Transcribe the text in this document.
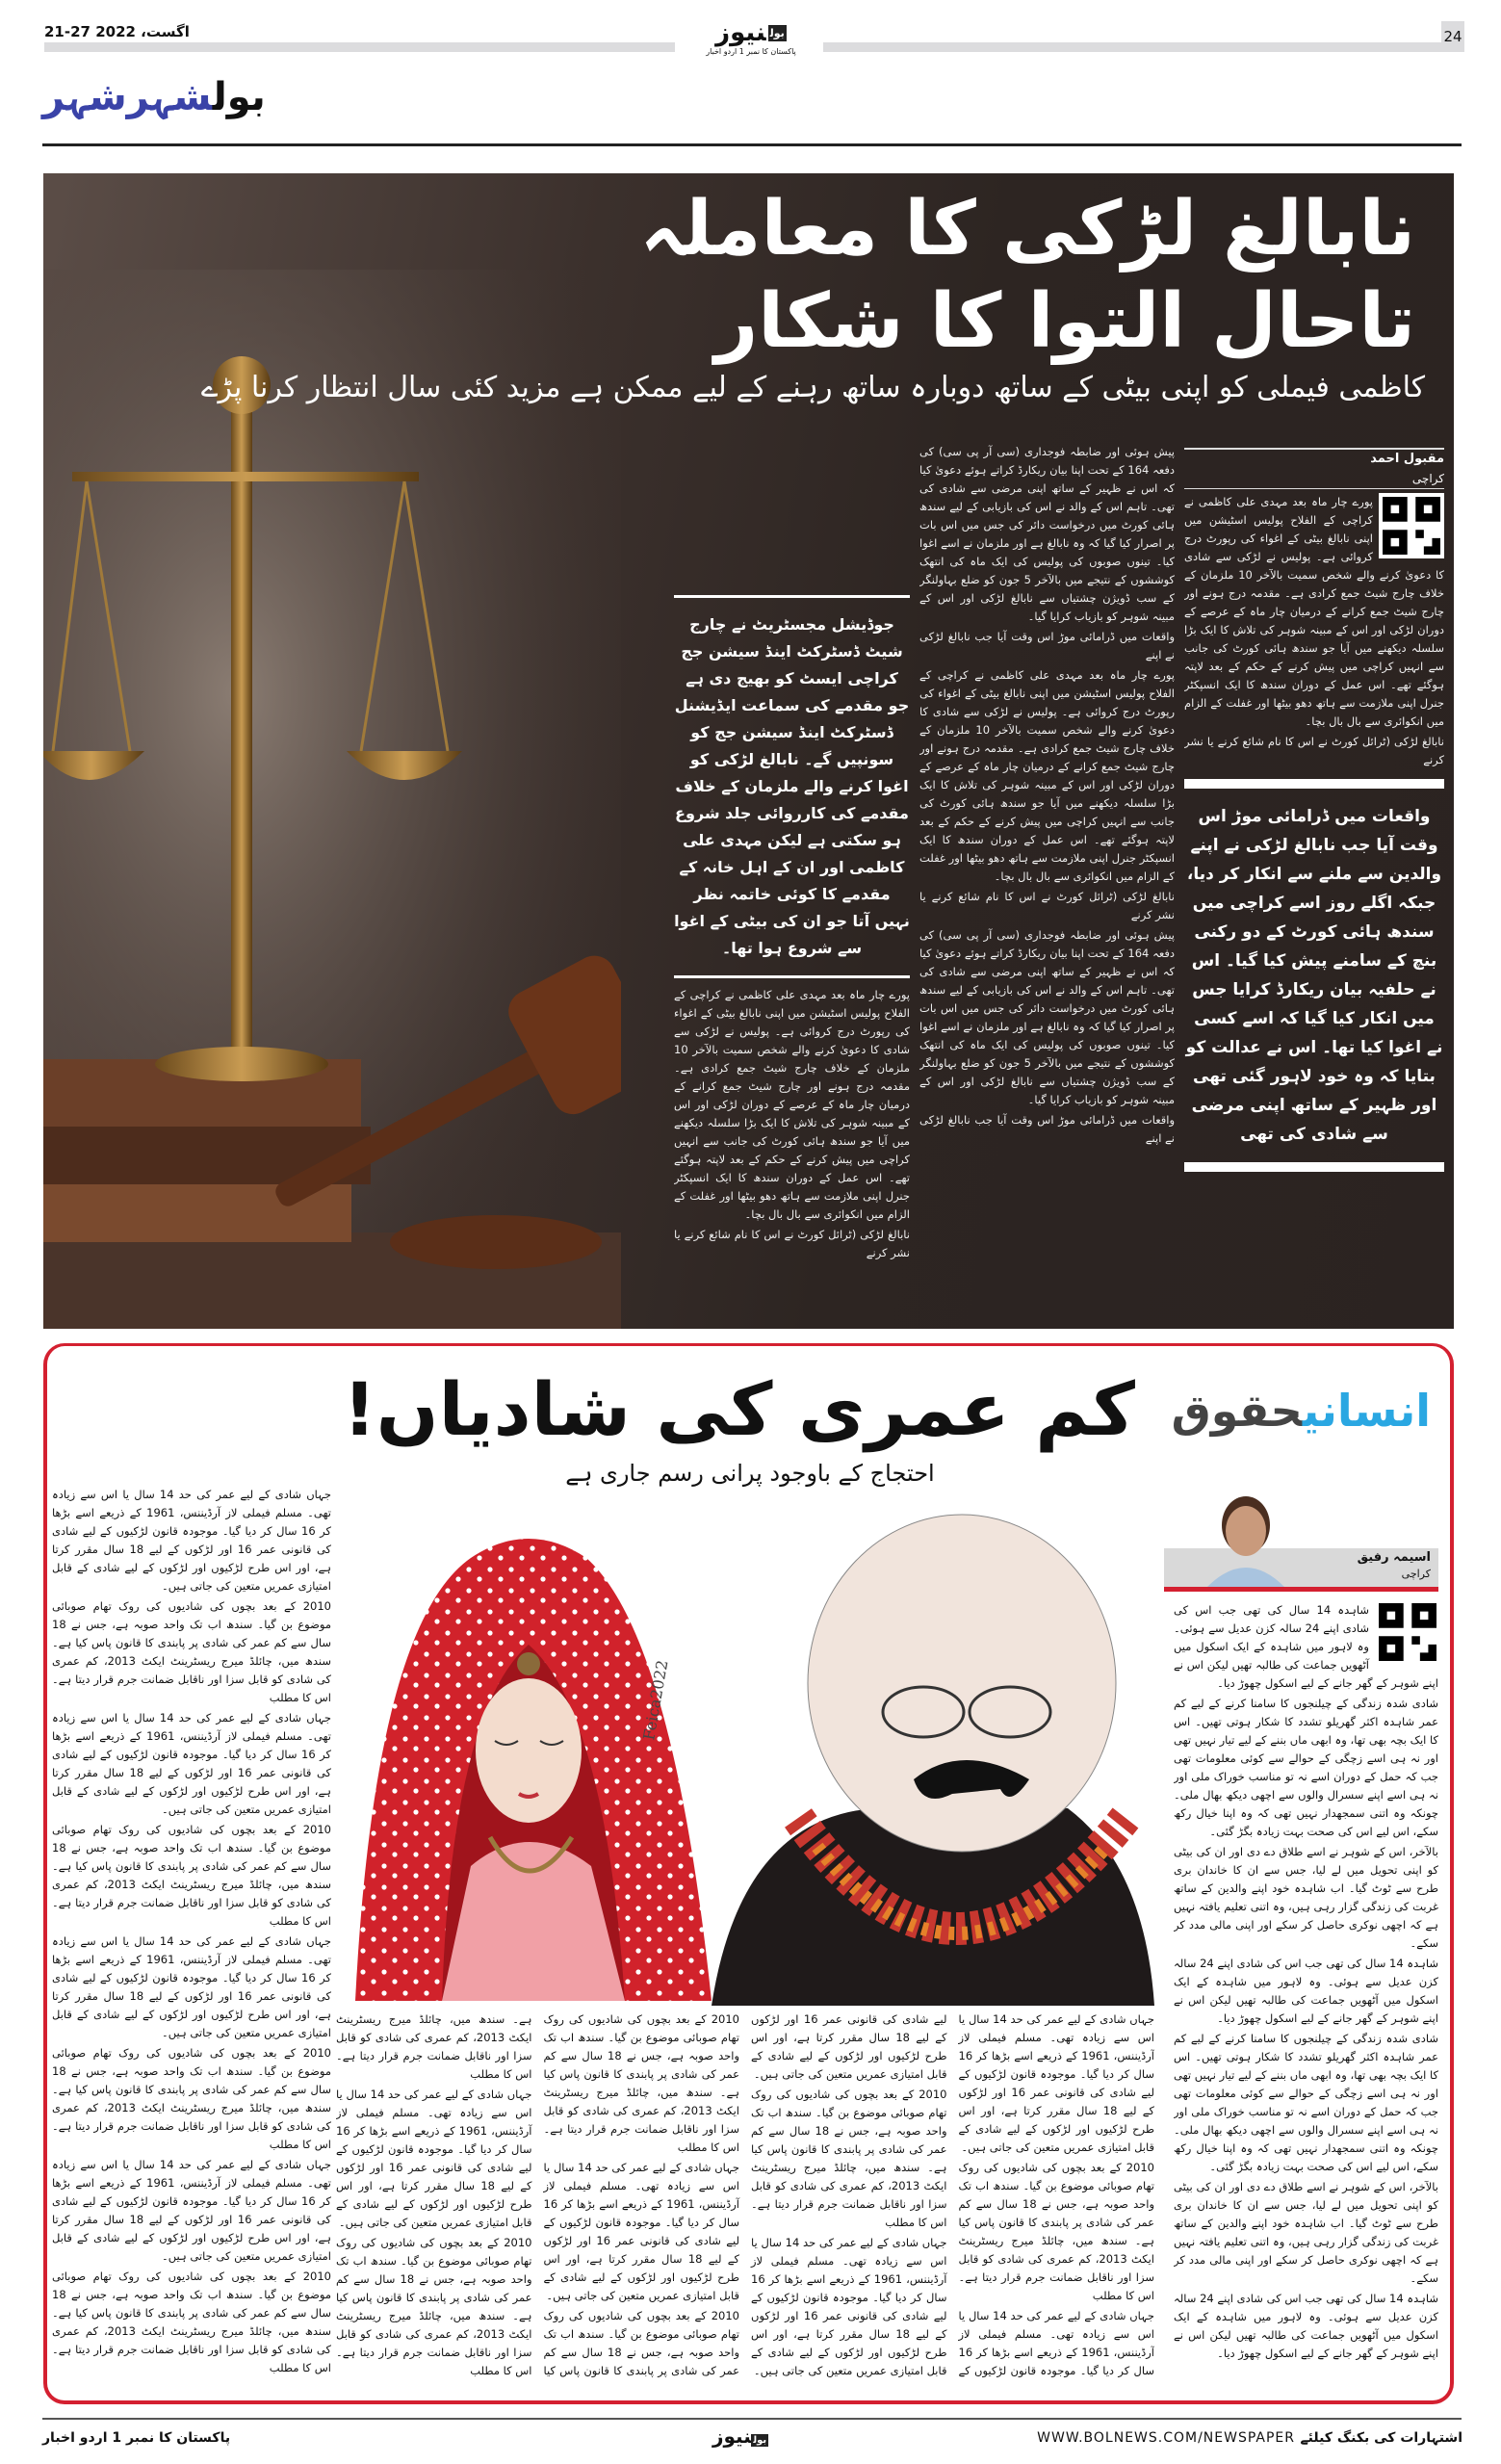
21-27 اگست، 2022	24
بولنیوز
پاکستان کا نمبر 1 اردو اخبار
بولشہرشہر
نابالغ لڑکی کا معاملہ
تاحال التوا کا شکار
کاظمی فیملی کو اپنی بیٹی کے ساتھ دوبارہ ساتھ رہنے کے لیے ممکن ہے مزید کئی سال انتظار کرنا پڑے
مقبول احمد
کراچی

پورے چار ماہ بعد مہدی علی کاظمی نے کراچی کے الفلاح پولیس اسٹیشن میں اپنی نابالغ بیٹی کے اغواء کی رپورٹ درج کروائی ہے۔ پولیس نے لڑکی سے شادی کا دعویٰ کرنے والے شخص سمیت بالآخر 10 ملزمان کے خلاف چارج شیٹ جمع کرادی ہے۔ مقدمہ درج ہونے اور چارج شیٹ جمع کرانے کے درمیان چار ماہ کے عرصے کے دوران لڑکی اور اس کے مبینہ شوہر کی تلاش کا ایک بڑا سلسلہ دیکھنے میں آیا جو سندھ ہائی کورٹ کی جانب سے انہیں کراچی میں پیش کرنے کے حکم کے بعد لاپتہ ہوگئے تھے۔ اس عمل کے دوران سندھ کا ایک انسپکٹر جنرل اپنی ملازمت سے ہاتھ دھو بیٹھا اور غفلت کے الزام میں انکوائری سے بال بال بچا۔

نابالغ لڑکی (ٹرائل کورٹ نے اس کا نام شائع کرنے یا نشر کرنے

واقعات میں ڈرامائی موڑ اس وقت آیا جب نابالغ لڑکی نے اپنے والدین سے ملنے سے انکار کر دیا، جبکہ اگلے روز اسے کراچی میں سندھ ہائی کورٹ کے دو رکنی بنچ کے سامنے پیش کیا گیا۔ اس نے حلفیہ بیان ریکارڈ کرایا جس میں انکار کیا گیا کہ اسے کسی نے اغوا کیا تھا۔ اس نے عدالت کو بتایا کہ وہ خود لاہور گئی تھی اور ظہیر کے ساتھ اپنی مرضی سے شادی کی تھی

پیش ہوئی اور ضابطہ فوجداری (سی آر پی سی) کی دفعہ 164 کے تحت اپنا بیان ریکارڈ کراتے ہوئے دعویٰ کیا کہ اس نے ظہیر کے ساتھ اپنی مرضی سے شادی کی تھی۔ تاہم اس کے والد نے اس کی بازیابی کے لیے سندھ ہائی کورٹ میں درخواست دائر کی جس میں اس بات پر اصرار کیا گیا کہ وہ نابالغ ہے اور ملزمان نے اسے اغوا کیا۔ تینوں صوبوں کی پولیس کی ایک ماہ کی انتھک کوششوں کے نتیجے میں بالآخر 5 جون کو ضلع بہاولنگر کے سب ڈویژن چشتیاں سے نابالغ لڑکی اور اس کے مبینہ شوہر کو بازیاب کرایا گیا۔

واقعات میں ڈرامائی موڑ اس وقت آیا جب نابالغ لڑکی نے اپنے

پورے چار ماہ بعد مہدی علی کاظمی نے کراچی کے الفلاح پولیس اسٹیشن میں اپنی نابالغ بیٹی کے اغواء کی رپورٹ درج کروائی ہے۔ پولیس نے لڑکی سے شادی کا دعویٰ کرنے والے شخص سمیت بالآخر 10 ملزمان کے خلاف چارج شیٹ جمع کرادی ہے۔ مقدمہ درج ہونے اور چارج شیٹ جمع کرانے کے درمیان چار ماہ کے عرصے کے دوران لڑکی اور اس کے مبینہ شوہر کی تلاش کا ایک بڑا سلسلہ دیکھنے میں آیا جو سندھ ہائی کورٹ کی جانب سے انہیں کراچی میں پیش کرنے کے حکم کے بعد لاپتہ ہوگئے تھے۔ اس عمل کے دوران سندھ کا ایک انسپکٹر جنرل اپنی ملازمت سے ہاتھ دھو بیٹھا اور غفلت کے الزام میں انکوائری سے بال بال بچا۔

نابالغ لڑکی (ٹرائل کورٹ نے اس کا نام شائع کرنے یا نشر کرنے

پیش ہوئی اور ضابطہ فوجداری (سی آر پی سی) کی دفعہ 164 کے تحت اپنا بیان ریکارڈ کراتے ہوئے دعویٰ کیا کہ اس نے ظہیر کے ساتھ اپنی مرضی سے شادی کی تھی۔ تاہم اس کے والد نے اس کی بازیابی کے لیے سندھ ہائی کورٹ میں درخواست دائر کی جس میں اس بات پر اصرار کیا گیا کہ وہ نابالغ ہے اور ملزمان نے اسے اغوا کیا۔ تینوں صوبوں کی پولیس کی ایک ماہ کی انتھک کوششوں کے نتیجے میں بالآخر 5 جون کو ضلع بہاولنگر کے سب ڈویژن چشتیاں سے نابالغ لڑکی اور اس کے مبینہ شوہر کو بازیاب کرایا گیا۔

واقعات میں ڈرامائی موڑ اس وقت آیا جب نابالغ لڑکی نے اپنے

جوڈیشل مجسٹریٹ نے چارج شیٹ ڈسٹرکٹ اینڈ سیشن جج کراچی ایسٹ کو بھیج دی ہے جو مقدمے کی سماعت ایڈیشنل ڈسٹرکٹ اینڈ سیشن جج کو سونپیں گے۔ نابالغ لڑکی کو اغوا کرنے والے ملزمان کے خلاف مقدمے کی کارروائی جلد شروع ہو سکتی ہے لیکن مہدی علی کاظمی اور ان کے اہل خانہ کے مقدمے کا کوئی خاتمہ نظر نہیں آتا جو ان کی بیٹی کے اغوا سے شروع ہوا تھا۔

پورے چار ماہ بعد مہدی علی کاظمی نے کراچی کے الفلاح پولیس اسٹیشن میں اپنی نابالغ بیٹی کے اغواء کی رپورٹ درج کروائی ہے۔ پولیس نے لڑکی سے شادی کا دعویٰ کرنے والے شخص سمیت بالآخر 10 ملزمان کے خلاف چارج شیٹ جمع کرادی ہے۔ مقدمہ درج ہونے اور چارج شیٹ جمع کرانے کے درمیان چار ماہ کے عرصے کے دوران لڑکی اور اس کے مبینہ شوہر کی تلاش کا ایک بڑا سلسلہ دیکھنے میں آیا جو سندھ ہائی کورٹ کی جانب سے انہیں کراچی میں پیش کرنے کے حکم کے بعد لاپتہ ہوگئے تھے۔ اس عمل کے دوران سندھ کا ایک انسپکٹر جنرل اپنی ملازمت سے ہاتھ دھو بیٹھا اور غفلت کے الزام میں انکوائری سے بال بال بچا۔

نابالغ لڑکی (ٹرائل کورٹ نے اس کا نام شائع کرنے یا نشر کرنے

انسانیحقوق
کم عمری کی شادیاں!
احتجاج کے باوجود پرانی رسم جاری ہے
اسیمہ رفیق
کراچی

شاہدہ 14 سال کی تھی جب اس کی شادی اپنے 24 سالہ کزن عدیل سے ہوئی۔ وہ لاہور میں شاہدہ کے ایک اسکول میں آٹھویں جماعت کی طالبہ تھیں لیکن اس نے اپنے شوہر کے گھر جانے کے لیے اسکول چھوڑ دیا۔

شادی شدہ زندگی کے چیلنجوں کا سامنا کرنے کے لیے کم عمر شاہدہ اکثر گھریلو تشدد کا شکار ہوتی تھیں۔ اس کا ایک بچہ بھی تھا، وہ ابھی ماں بننے کے لیے تیار نہیں تھی اور نہ ہی اسے زچگی کے حوالے سے کوئی معلومات تھی جب کہ حمل کے دوران اسے نہ تو مناسب خوراک ملی اور نہ ہی اسے اپنے سسرال والوں سے اچھی دیکھ بھال ملی۔ چونکہ وہ اتنی سمجھدار نہیں تھی کہ وہ اپنا خیال رکھ سکے، اس لیے اس کی صحت بہت زیادہ بگڑ گئی۔

بالآخر، اس کے شوہر نے اسے طلاق دے دی اور ان کی بیٹی کو اپنی تحویل میں لے لیا، جس سے ان کا خاندان بری طرح سے ٹوٹ گیا۔ اب شاہدہ خود اپنے والدین کے ساتھ غربت کی زندگی گزار رہی ہیں، وہ اتنی تعلیم یافتہ نہیں ہے کہ اچھی نوکری حاصل کر سکے اور اپنی مالی مدد کر سکے۔

شاہدہ 14 سال کی تھی جب اس کی شادی اپنے 24 سالہ کزن عدیل سے ہوئی۔ وہ لاہور میں شاہدہ کے ایک اسکول میں آٹھویں جماعت کی طالبہ تھیں لیکن اس نے اپنے شوہر کے گھر جانے کے لیے اسکول چھوڑ دیا۔

شادی شدہ زندگی کے چیلنجوں کا سامنا کرنے کے لیے کم عمر شاہدہ اکثر گھریلو تشدد کا شکار ہوتی تھیں۔ اس کا ایک بچہ بھی تھا، وہ ابھی ماں بننے کے لیے تیار نہیں تھی اور نہ ہی اسے زچگی کے حوالے سے کوئی معلومات تھی جب کہ حمل کے دوران اسے نہ تو مناسب خوراک ملی اور نہ ہی اسے اپنے سسرال والوں سے اچھی دیکھ بھال ملی۔ چونکہ وہ اتنی سمجھدار نہیں تھی کہ وہ اپنا خیال رکھ سکے، اس لیے اس کی صحت بہت زیادہ بگڑ گئی۔

بالآخر، اس کے شوہر نے اسے طلاق دے دی اور ان کی بیٹی کو اپنی تحویل میں لے لیا، جس سے ان کا خاندان بری طرح سے ٹوٹ گیا۔ اب شاہدہ خود اپنے والدین کے ساتھ غربت کی زندگی گزار رہی ہیں، وہ اتنی تعلیم یافتہ نہیں ہے کہ اچھی نوکری حاصل کر سکے اور اپنی مالی مدد کر سکے۔

شاہدہ 14 سال کی تھی جب اس کی شادی اپنے 24 سالہ کزن عدیل سے ہوئی۔ وہ لاہور میں شاہدہ کے ایک اسکول میں آٹھویں جماعت کی طالبہ تھیں لیکن اس نے اپنے شوہر کے گھر جانے کے لیے اسکول چھوڑ دیا۔

جہاں شادی کے لیے عمر کی حد 14 سال یا اس سے زیادہ تھی۔ مسلم فیملی لاز آرڈیننس، 1961 کے ذریعے اسے بڑھا کر 16 سال کر دیا گیا۔ موجودہ قانون لڑکیوں کے لیے شادی کی قانونی عمر 16 اور لڑکوں کے لیے 18 سال مقرر کرتا ہے، اور اس طرح لڑکیوں اور لڑکوں کے لیے شادی کے قابل امتیازی عمریں متعین کی جاتی ہیں۔

2010 کے بعد بچوں کی شادیوں کی روک تھام صوبائی موضوع بن گیا۔ سندھ اب تک واحد صوبہ ہے، جس نے 18 سال سے کم عمر کی شادی پر پابندی کا قانون پاس کیا ہے۔ سندھ میں، چائلڈ میرج ریسٹرینٹ ایکٹ 2013، کم عمری کی شادی کو قابل سزا اور ناقابل ضمانت جرم قرار دیتا ہے۔ اس کا مطلب

جہاں شادی کے لیے عمر کی حد 14 سال یا اس سے زیادہ تھی۔ مسلم فیملی لاز آرڈیننس، 1961 کے ذریعے اسے بڑھا کر 16 سال کر دیا گیا۔ موجودہ قانون لڑکیوں کے لیے شادی کی قانونی عمر 16 اور لڑکوں کے لیے 18 سال مقرر کرتا ہے، اور اس طرح لڑکیوں اور لڑکوں کے لیے شادی کے قابل امتیازی عمریں متعین کی جاتی ہیں۔

2010 کے بعد بچوں کی شادیوں کی روک تھام صوبائی موضوع بن گیا۔ سندھ اب تک واحد صوبہ ہے، جس نے 18 سال سے کم عمر کی شادی پر پابندی کا قانون پاس کیا ہے۔ سندھ میں، چائلڈ میرج ریسٹرینٹ ایکٹ 2013، کم عمری کی شادی کو قابل سزا اور ناقابل ضمانت جرم قرار دیتا ہے۔ اس کا مطلب

جہاں شادی کے لیے عمر کی حد 14 سال یا اس سے زیادہ تھی۔ مسلم فیملی لاز آرڈیننس، 1961 کے ذریعے اسے بڑھا کر 16 سال کر دیا گیا۔ موجودہ قانون لڑکیوں کے لیے شادی کی قانونی عمر 16 اور لڑکوں کے لیے 18 سال مقرر کرتا ہے، اور اس طرح لڑکیوں اور لڑکوں کے لیے شادی کے قابل امتیازی عمریں متعین کی جاتی ہیں۔

2010 کے بعد بچوں کی شادیوں کی روک تھام صوبائی موضوع بن گیا۔ سندھ اب تک واحد صوبہ ہے، جس نے 18 سال سے کم عمر کی شادی پر پابندی کا قانون پاس کیا ہے۔ سندھ میں، چائلڈ میرج ریسٹرینٹ ایکٹ 2013، کم عمری کی شادی کو قابل سزا اور ناقابل ضمانت جرم قرار دیتا ہے۔ اس کا مطلب

جہاں شادی کے لیے عمر کی حد 14 سال یا اس سے زیادہ تھی۔ مسلم فیملی لاز آرڈیننس، 1961 کے ذریعے اسے بڑھا کر 16 سال کر دیا گیا۔ موجودہ قانون لڑکیوں کے لیے شادی کی قانونی عمر 16 اور لڑکوں کے لیے 18 سال مقرر کرتا ہے، اور اس طرح لڑکیوں اور لڑکوں کے لیے شادی کے قابل امتیازی عمریں متعین کی جاتی ہیں۔

2010 کے بعد بچوں کی شادیوں کی روک تھام صوبائی موضوع بن گیا۔ سندھ اب تک واحد صوبہ ہے، جس نے 18 سال سے کم عمر کی شادی پر پابندی کا قانون پاس کیا ہے۔ سندھ میں، چائلڈ میرج ریسٹرینٹ ایکٹ 2013، کم عمری کی شادی کو قابل سزا اور ناقابل ضمانت جرم قرار دیتا ہے۔ اس کا مطلب

Feica2022

جہاں شادی کے لیے عمر کی حد 14 سال یا اس سے زیادہ تھی۔ مسلم فیملی لاز آرڈیننس، 1961 کے ذریعے اسے بڑھا کر 16 سال کر دیا گیا۔ موجودہ قانون لڑکیوں کے لیے شادی کی قانونی عمر 16 اور لڑکوں کے لیے 18 سال مقرر کرتا ہے، اور اس طرح لڑکیوں اور لڑکوں کے لیے شادی کے قابل امتیازی عمریں متعین کی جاتی ہیں۔

2010 کے بعد بچوں کی شادیوں کی روک تھام صوبائی موضوع بن گیا۔ سندھ اب تک واحد صوبہ ہے، جس نے 18 سال سے کم عمر کی شادی پر پابندی کا قانون پاس کیا ہے۔ سندھ میں، چائلڈ میرج ریسٹرینٹ ایکٹ 2013، کم عمری کی شادی کو قابل سزا اور ناقابل ضمانت جرم قرار دیتا ہے۔ اس کا مطلب

جہاں شادی کے لیے عمر کی حد 14 سال یا اس سے زیادہ تھی۔ مسلم فیملی لاز آرڈیننس، 1961 کے ذریعے اسے بڑھا کر 16 سال کر دیا گیا۔ موجودہ قانون لڑکیوں کے لیے شادی کی قانونی عمر 16 اور لڑکوں کے لیے 18 سال مقرر کرتا ہے، اور اس طرح لڑکیوں اور لڑکوں کے لیے شادی کے قابل امتیازی عمریں متعین کی جاتی ہیں۔

2010 کے بعد بچوں کی شادیوں کی روک تھام صوبائی موضوع بن گیا۔ سندھ اب تک واحد صوبہ ہے، جس نے 18 سال سے کم عمر کی شادی پر پابندی کا قانون پاس کیا ہے۔ سندھ میں، چائلڈ میرج ریسٹرینٹ ایکٹ 2013، کم عمری کی شادی کو قابل سزا اور ناقابل ضمانت جرم قرار دیتا ہے۔ اس کا مطلب

جہاں شادی کے لیے عمر کی حد 14 سال یا اس سے زیادہ تھی۔ مسلم فیملی لاز آرڈیننس، 1961 کے ذریعے اسے بڑھا کر 16 سال کر دیا گیا۔ موجودہ قانون لڑکیوں کے لیے شادی کی قانونی عمر 16 اور لڑکوں کے لیے 18 سال مقرر کرتا ہے، اور اس طرح لڑکیوں اور لڑکوں کے لیے شادی کے قابل امتیازی عمریں متعین کی جاتی ہیں۔

2010 کے بعد بچوں کی شادیوں کی روک تھام صوبائی موضوع بن گیا۔ سندھ اب تک واحد صوبہ ہے، جس نے 18 سال سے کم عمر کی شادی پر پابندی کا قانون پاس کیا ہے۔ سندھ میں، چائلڈ میرج ریسٹرینٹ ایکٹ 2013، کم عمری کی شادی کو قابل سزا اور ناقابل ضمانت جرم قرار دیتا ہے۔ اس کا مطلب

جہاں شادی کے لیے عمر کی حد 14 سال یا اس سے زیادہ تھی۔ مسلم فیملی لاز آرڈیننس، 1961 کے ذریعے اسے بڑھا کر 16 سال کر دیا گیا۔ موجودہ قانون لڑکیوں کے لیے شادی کی قانونی عمر 16 اور لڑکوں کے لیے 18 سال مقرر کرتا ہے، اور اس طرح لڑکیوں اور لڑکوں کے لیے شادی کے قابل امتیازی عمریں متعین کی جاتی ہیں۔

2010 کے بعد بچوں کی شادیوں کی روک تھام صوبائی موضوع بن گیا۔ سندھ اب تک واحد صوبہ ہے، جس نے 18 سال سے کم عمر کی شادی پر پابندی کا قانون پاس کیا ہے۔ سندھ میں، چائلڈ میرج ریسٹرینٹ ایکٹ 2013، کم عمری کی شادی کو قابل سزا اور ناقابل ضمانت جرم قرار دیتا ہے۔ اس کا مطلب

جہاں شادی کے لیے عمر کی حد 14 سال یا اس سے زیادہ تھی۔ مسلم فیملی لاز آرڈیننس، 1961 کے ذریعے اسے بڑھا کر 16 سال کر دیا گیا۔ موجودہ قانون لڑکیوں کے لیے شادی کی قانونی عمر 16 اور لڑکوں کے لیے 18 سال مقرر کرتا ہے، اور اس طرح لڑکیوں اور لڑکوں کے لیے شادی کے قابل امتیازی عمریں متعین کی جاتی ہیں۔

2010 کے بعد بچوں کی شادیوں کی روک تھام صوبائی موضوع بن گیا۔ سندھ اب تک واحد صوبہ ہے، جس نے 18 سال سے کم عمر کی شادی پر پابندی کا قانون پاس کیا ہے۔ سندھ میں، چائلڈ میرج ریسٹرینٹ ایکٹ 2013، کم عمری کی شادی کو قابل سزا اور ناقابل ضمانت جرم قرار دیتا ہے۔ اس کا مطلب

پاکستان کا نمبر 1 اردو اخبار	بولنیوز	WWW.BOLNEWS.COM/NEWSPAPER اشتہارات کی بکنگ کیلئے
